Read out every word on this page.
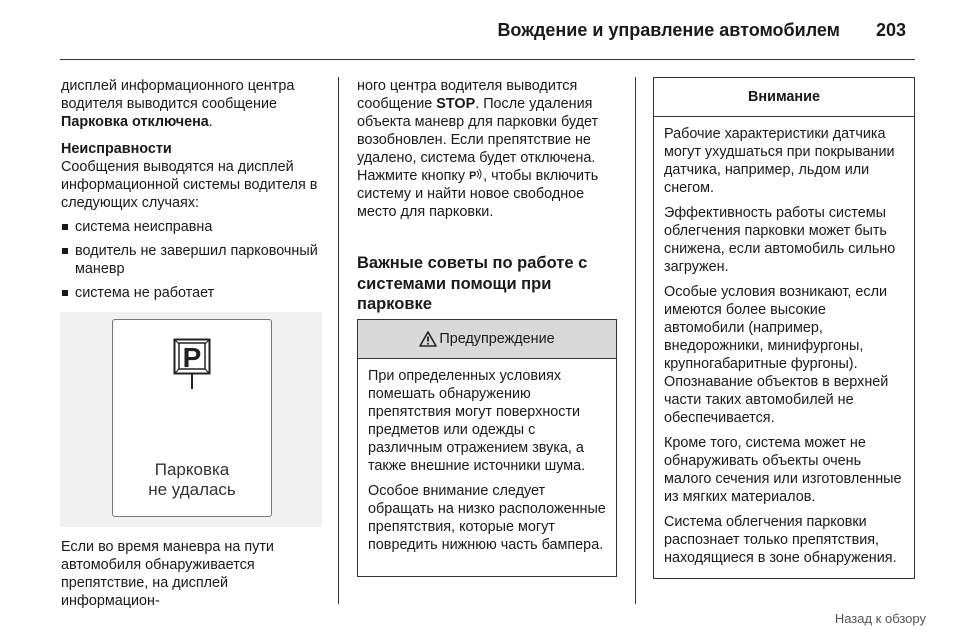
Вождение и управление автомобилем 203

дисплей информационного центра водителя выводится сообщение Парковка отключена.

Неисправности

Сообщения выводятся на дисплей информационной системы водителя в следующих случаях:

система неисправна
водитель не завершил парковочный маневр
система не работает
P
Парковка
не удалась
Если во время маневра на пути автомобиля обнаруживается препятствие, на дисплей информацион-

ного центра водителя выводится сообщение STOP. После удаления объекта маневр для парковки будет возобновлен. Если препятствие не удалено, система будет отключена. Нажмите кнопку P , чтобы включить систему и найти новое свободное место для парковки.

Важные советы по работе с системами помощи при парковке
Предупреждение

При определенных условиях помешать обнаружению препятствия могут поверхности предметов или одежды с различным отражением звука, а также внешние источники шума.

Особое внимание следует обращать на низко расположенные препятствия, которые могут повредить нижнюю часть бампера.

Внимание

Рабочие характеристики датчика могут ухудшаться при покрывании датчика, например, льдом или снегом.

Эффективность работы системы облегчения парковки может быть снижена, если автомобиль сильно загружен.

Особые условия возникают, если имеются более высокие автомобили (например, внедорожники, минифургоны, крупногабаритные фургоны). Опознавание объектов в верхней части таких автомобилей не обеспечивается.

Кроме того, система может не обнаруживать объекты очень малого сечения или изготовленные из мягких материалов.

Система облегчения парковки распознает только препятствия, находящиеся в зоне обнаружения.

Назад к обзору
